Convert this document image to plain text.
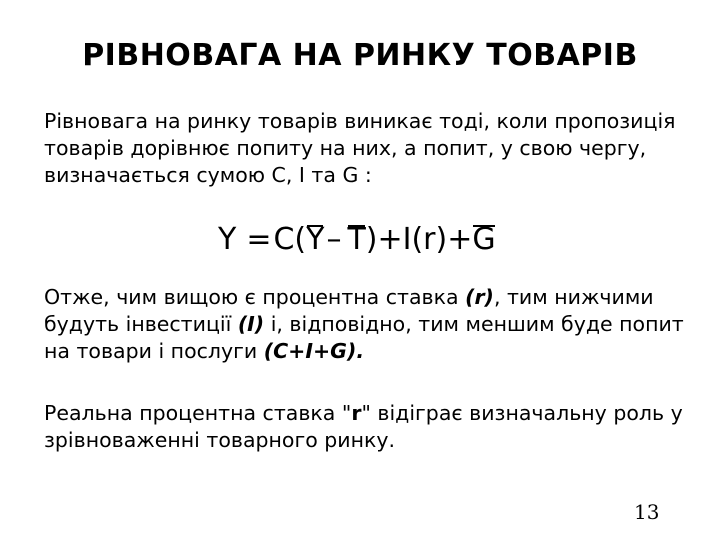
РІВНОВАГА НА РИНКУ ТОВАРІВ

Рівновага на ринку товарів виникає тоді, коли пропозиція товарів дорівнює попиту на них, а попит, у свою чергу, визначається сумою С, І та G :

Y =C(Y– T)+I(r)+G

Отже, чим вищою є процентна ставка (r), тим нижчими будуть інвестиції (I) і, відповідно, тим меншим буде попит на товари і послуги (C+I+G).

Реальна процентна ставка "r" відіграє визначальну роль у зрівноваженні товарного ринку.

13
